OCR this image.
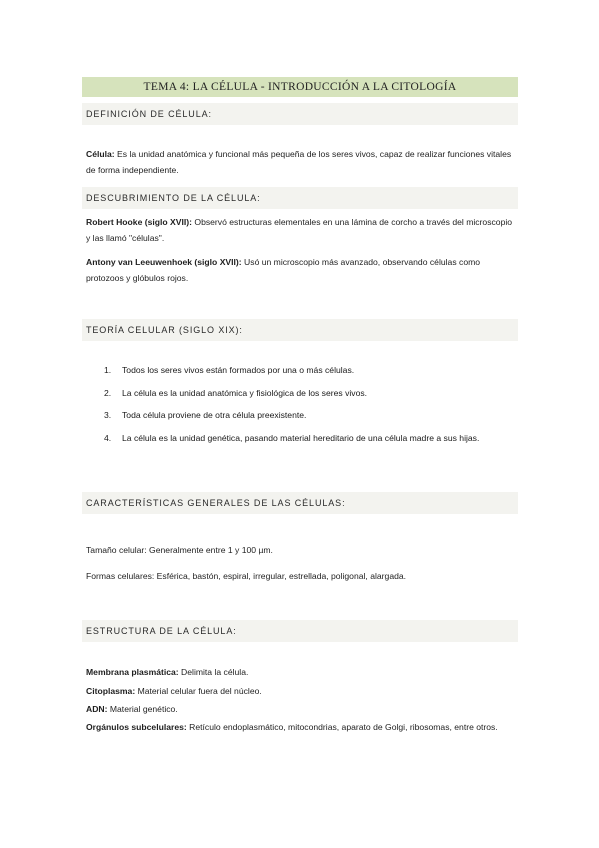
TEMA 4: LA CÉLULA - INTRODUCCIÓN A LA CITOLOGÍA
DEFINICIÓN DE CÉLULA:
Célula: Es la unidad anatómica y funcional más pequeña de los seres vivos, capaz de realizar funciones vitales de forma independiente.
DESCUBRIMIENTO DE LA CÉLULA:
Robert Hooke (siglo XVII): Observó estructuras elementales en una lámina de corcho a través del microscopio y las llamó "células".
Antony van Leeuwenhoek (siglo XVII): Usó un microscopio más avanzado, observando células como protozoos y glóbulos rojos.
TEORÍA CELULAR (SIGLO XIX):
1. Todos los seres vivos están formados por una o más células.
2. La célula es la unidad anatómica y fisiológica de los seres vivos.
3. Toda célula proviene de otra célula preexistente.
4. La célula es la unidad genética, pasando material hereditario de una célula madre a sus hijas.
CARACTERÍSTICAS GENERALES DE LAS CÉLULAS:
Tamaño celular: Generalmente entre 1 y 100 µm.
Formas celulares: Esférica, bastón, espiral, irregular, estrellada, poligonal, alargada.
ESTRUCTURA DE LA CÉLULA:
Membrana plasmática: Delimita la célula.
Citoplasma: Material celular fuera del núcleo.
ADN: Material genético.
Orgánulos subcelulares: Retículo endoplasmático, mitocondrias, aparato de Golgi, ribosomas, entre otros.
